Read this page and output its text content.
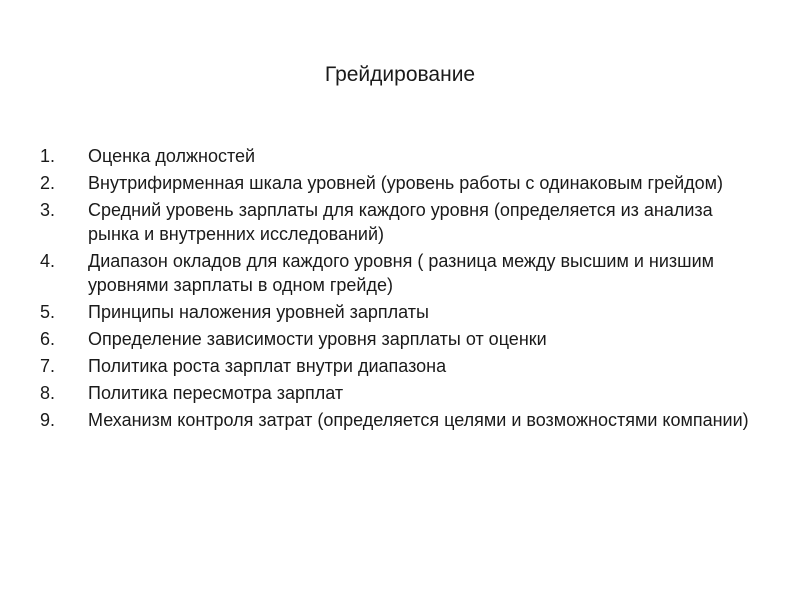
Грейдирование
1.	Оценка должностей
2.	Внутрифирменная шкала уровней (уровень работы с одинаковым грейдом)
3.	Средний уровень зарплаты для каждого уровня (определяется из анализа рынка и внутренних исследований)
4.	Диапазон окладов для каждого уровня ( разница между высшим и низшим уровнями зарплаты в одном грейде)
5.	Принципы наложения уровней зарплаты
6.	Определение зависимости уровня зарплаты от оценки
7.	Политика роста зарплат внутри диапазона
8.	Политика пересмотра зарплат
9.	Механизм контроля затрат (определяется целями и возможностями компании)
